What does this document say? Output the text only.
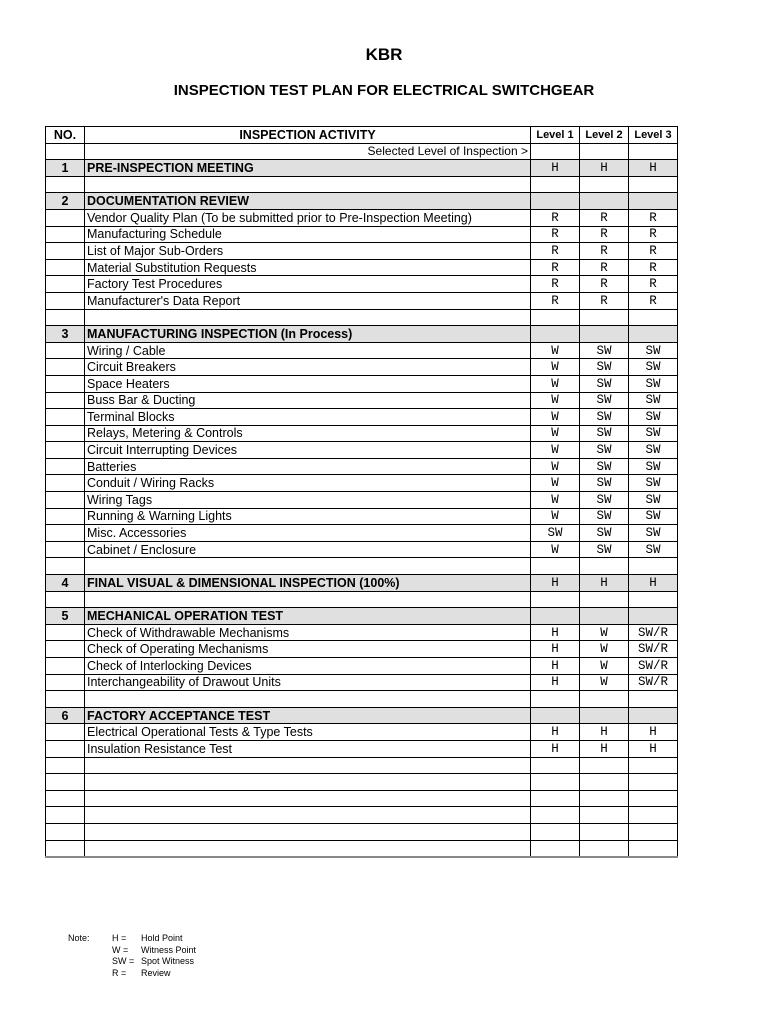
KBR
INSPECTION TEST PLAN FOR ELECTRICAL SWITCHGEAR
NO.	INSPECTION ACTIVITY	Level 1	Level 2	Level 3
	Selected Level of Inspection >			
1	PRE-INSPECTION MEETING	H	H	H

2	DOCUMENTATION REVIEW			
	Vendor Quality Plan (To be submitted prior to Pre-Inspection Meeting)	R	R	R
	Manufacturing Schedule	R	R	R
	List of Major Sub-Orders	R	R	R
	Material Substitution Requests	R	R	R
	Factory Test Procedures	R	R	R
	Manufacturer's Data Report	R	R	R

3	MANUFACTURING INSPECTION (In Process)			
	Wiring / Cable	W	SW	SW
	Circuit Breakers	W	SW	SW
	Space Heaters	W	SW	SW
	Buss Bar & Ducting	W	SW	SW
	Terminal Blocks	W	SW	SW
	Relays, Metering & Controls	W	SW	SW
	Circuit Interrupting Devices	W	SW	SW
	Batteries	W	SW	SW
	Conduit / Wiring Racks	W	SW	SW
	Wiring Tags	W	SW	SW
	Running & Warning Lights	W	SW	SW
	Misc. Accessories	SW	SW	SW
	Cabinet / Enclosure	W	SW	SW

4	FINAL VISUAL & DIMENSIONAL INSPECTION (100%)	H	H	H

5	MECHANICAL OPERATION TEST			
	Check of Withdrawable Mechanisms	H	W	SW/R
	Check of Operating Mechanisms	H	W	SW/R
	Check of Interlocking Devices	H	W	SW/R
	Interchangeability of Drawout Units	H	W	SW/R

6	FACTORY ACCEPTANCE TEST			
	Electrical Operational Tests & Type Tests	H	H	H
	Insulation Resistance Test	H	H	H

Note: H =	Hold Point
W =	Witness Point
SW = Spot Witness
R =	Review
